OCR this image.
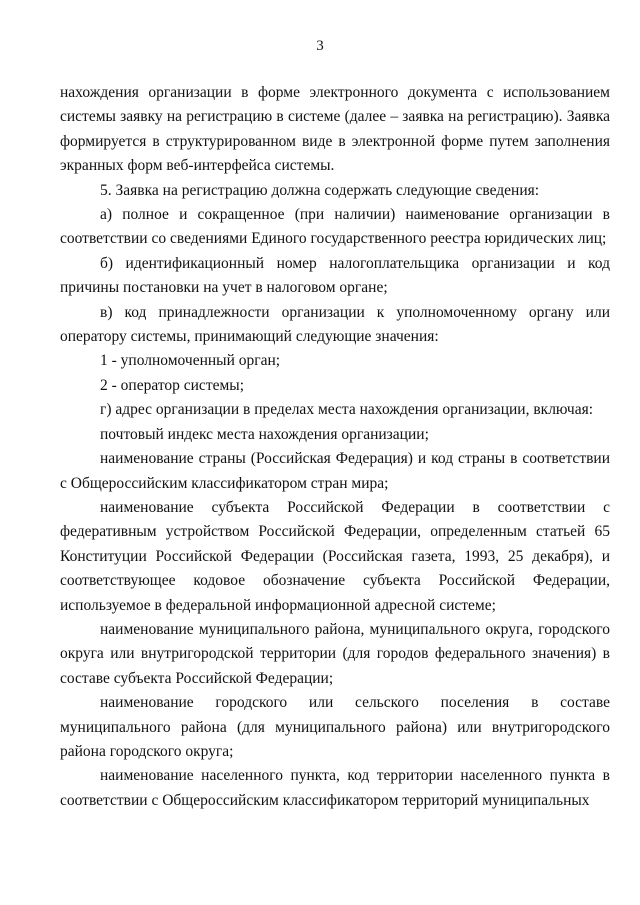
3

нахождения организации в форме электронного документа с использованием системы заявку на регистрацию в системе (далее – заявка на регистрацию). Заявка формируется в структурированном виде в электронной форме путем заполнения экранных форм веб-интерфейса системы.

5. Заявка на регистрацию должна содержать следующие сведения:

а) полное и сокращенное (при наличии) наименование организации в соответствии со сведениями Единого государственного реестра юридических лиц;

б) идентификационный номер налогоплательщика организации и код причины постановки на учет в налоговом органе;

в) код принадлежности организации к уполномоченному органу или оператору системы, принимающий следующие значения:

1 - уполномоченный орган;

2 - оператор системы;

г) адрес организации в пределах места нахождения организации, включая:

почтовый индекс места нахождения организации;

наименование страны (Российская Федерация) и код страны в соответствии с Общероссийским классификатором стран мира;

наименование субъекта Российской Федерации в соответствии с федеративным устройством Российской Федерации, определенным статьей 65 Конституции Российской Федерации (Российская газета, 1993, 25 декабря), и соответствующее кодовое обозначение субъекта Российской Федерации, используемое в федеральной информационной адресной системе;

наименование муниципального района, муниципального округа, городского округа или внутригородской территории (для городов федерального значения) в составе субъекта Российской Федерации;

наименование городского или сельского поселения в составе муниципального района (для муниципального района) или внутригородского района городского округа;

наименование населенного пункта, код территории населенного пункта в соответствии с Общероссийским классификатором территорий муниципальных
